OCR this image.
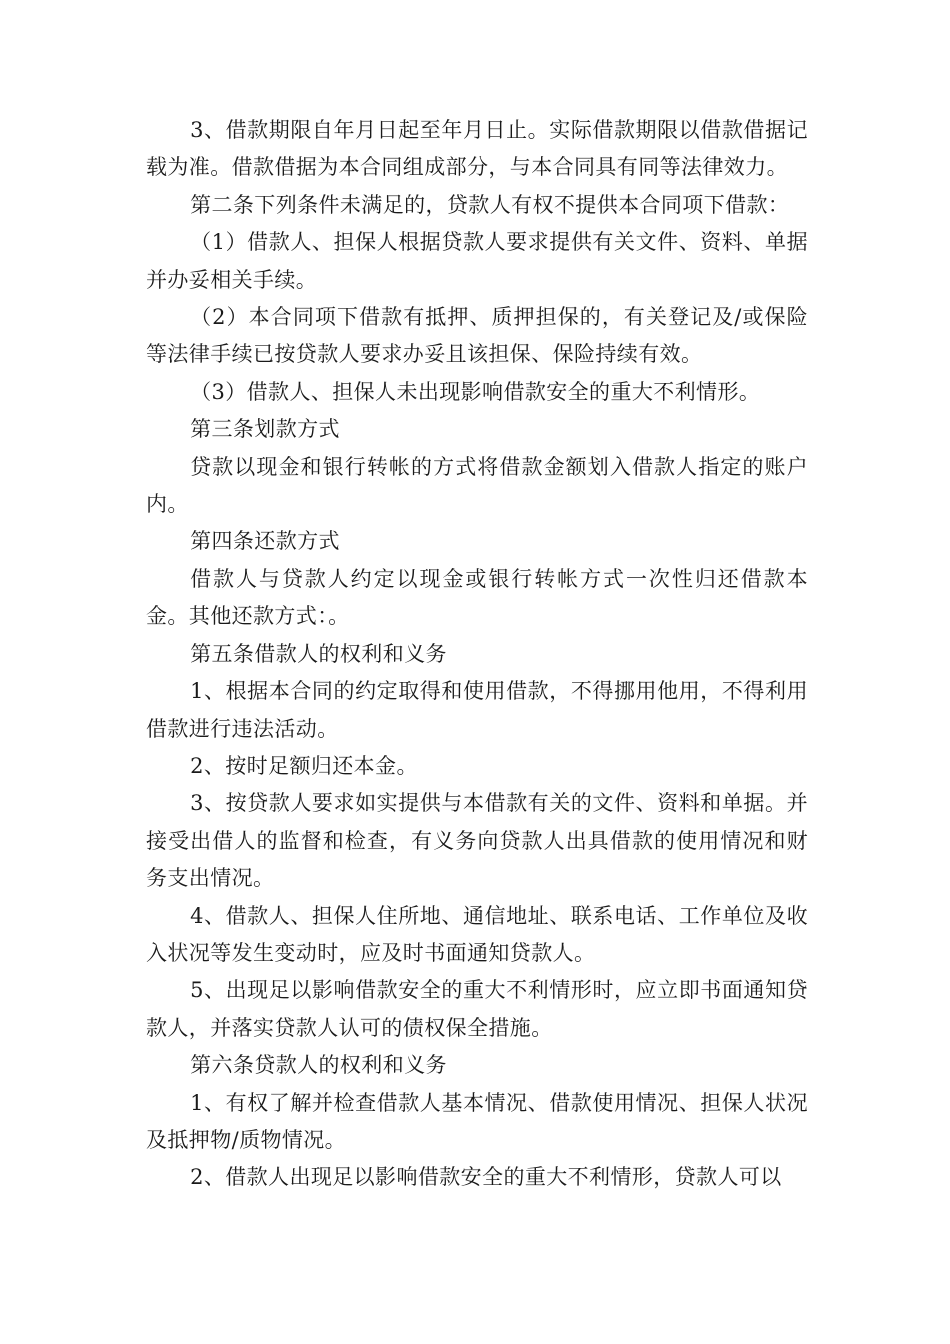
3、借款期限自年月日起至年月日止。实际借款期限以借款借据记载为准。借款借据为本合同组成部分，与本合同具有同等法律效力。

第二条下列条件未满足的，贷款人有权不提供本合同项下借款：

（1）借款人、担保人根据贷款人要求提供有关文件、资料、单据并办妥相关手续。

（2）本合同项下借款有抵押、质押担保的，有关登记及/或保险等法律手续已按贷款人要求办妥且该担保、保险持续有效。

（3）借款人、担保人未出现影响借款安全的重大不利情形。

第三条划款方式

贷款以现金和银行转帐的方式将借款金额划入借款人指定的账户内。

第四条还款方式

借款人与贷款人约定以现金或银行转帐方式一次性归还借款本金。其他还款方式：。

第五条借款人的权利和义务

1、根据本合同的约定取得和使用借款，不得挪用他用，不得利用借款进行违法活动。

2、按时足额归还本金。

3、按贷款人要求如实提供与本借款有关的文件、资料和单据。并接受出借人的监督和检查，有义务向贷款人出具借款的使用情况和财务支出情况。

4、借款人、担保人住所地、通信地址、联系电话、工作单位及收入状况等发生变动时，应及时书面通知贷款人。

5、出现足以影响借款安全的重大不利情形时，应立即书面通知贷款人，并落实贷款人认可的债权保全措施。

第六条贷款人的权利和义务

1、有权了解并检查借款人基本情况、借款使用情况、担保人状况及抵押物/质物情况。

2、借款人出现足以影响借款安全的重大不利情形，贷款人可以
